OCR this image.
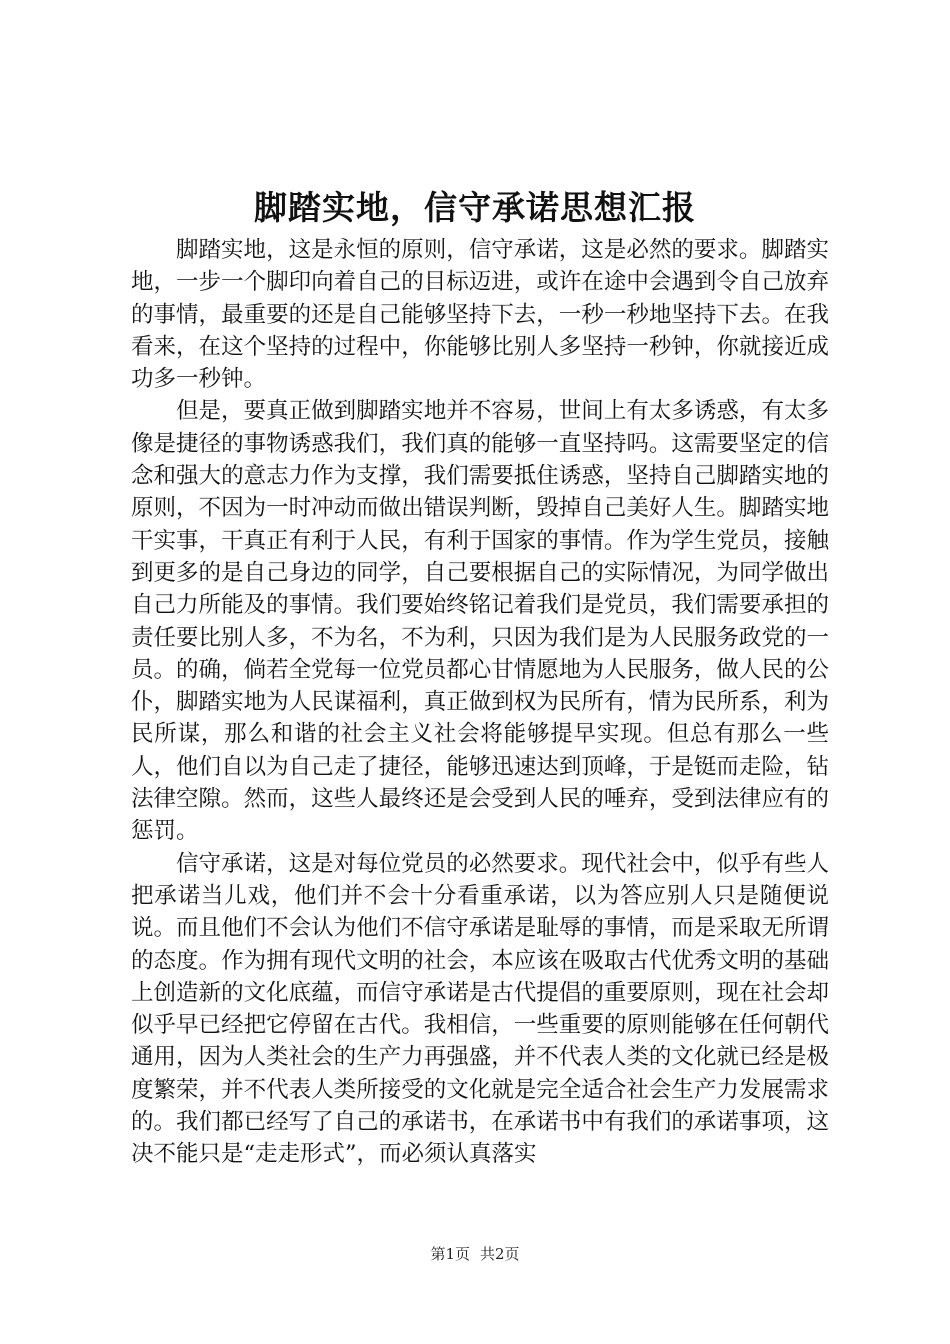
脚踏实地，信守承诺思想汇报

脚踏实地，这是永恒的原则，信守承诺，这是必然的要求。脚踏实地，一步一个脚印向着自己的目标迈进，或许在途中会遇到令自己放弃的事情，最重要的还是自己能够坚持下去，一秒一秒地坚持下去。在我看来，在这个坚持的过程中，你能够比别人多坚持一秒钟，你就接近成功多一秒钟。

但是，要真正做到脚踏实地并不容易，世间上有太多诱惑，有太多像是捷径的事物诱惑我们，我们真的能够一直坚持吗。这需要坚定的信念和强大的意志力作为支撑，我们需要抵住诱惑，坚持自己脚踏实地的原则，不因为一时冲动而做出错误判断，毁掉自己美好人生。脚踏实地干实事，干真正有利于人民，有利于国家的事情。作为学生党员，接触到更多的是自己身边的同学，自己要根据自己的实际情况，为同学做出自己力所能及的事情。我们要始终铭记着我们是党员，我们需要承担的责任要比别人多，不为名，不为利，只因为我们是为人民服务政党的一员。的确，倘若全党每一位党员都心甘情愿地为人民服务，做人民的公仆，脚踏实地为人民谋福利，真正做到权为民所有，情为民所系，利为民所谋，那么和谐的社会主义社会将能够提早实现。但总有那么一些人，他们自以为自己走了捷径，能够迅速达到顶峰，于是铤而走险，钻法律空隙。然而，这些人最终还是会受到人民的唾弃，受到法律应有的惩罚。

信守承诺，这是对每位党员的必然要求。现代社会中，似乎有些人把承诺当儿戏，他们并不会十分看重承诺，以为答应别人只是随便说说。而且他们不会认为他们不信守承诺是耻辱的事情，而是采取无所谓的态度。作为拥有现代文明的社会，本应该在吸取古代优秀文明的基础上创造新的文化底蕴，而信守承诺是古代提倡的重要原则，现在社会却似乎早已经把它停留在古代。我相信，一些重要的原则能够在任何朝代通用，因为人类社会的生产力再强盛，并不代表人类的文化就已经是极度繁荣，并不代表人类所接受的文化就是完全适合社会生产力发展需求的。我们都已经写了自己的承诺书，在承诺书中有我们的承诺事项，这决不能只是“走走形式”，而必须认真落实

第1页 共2页
